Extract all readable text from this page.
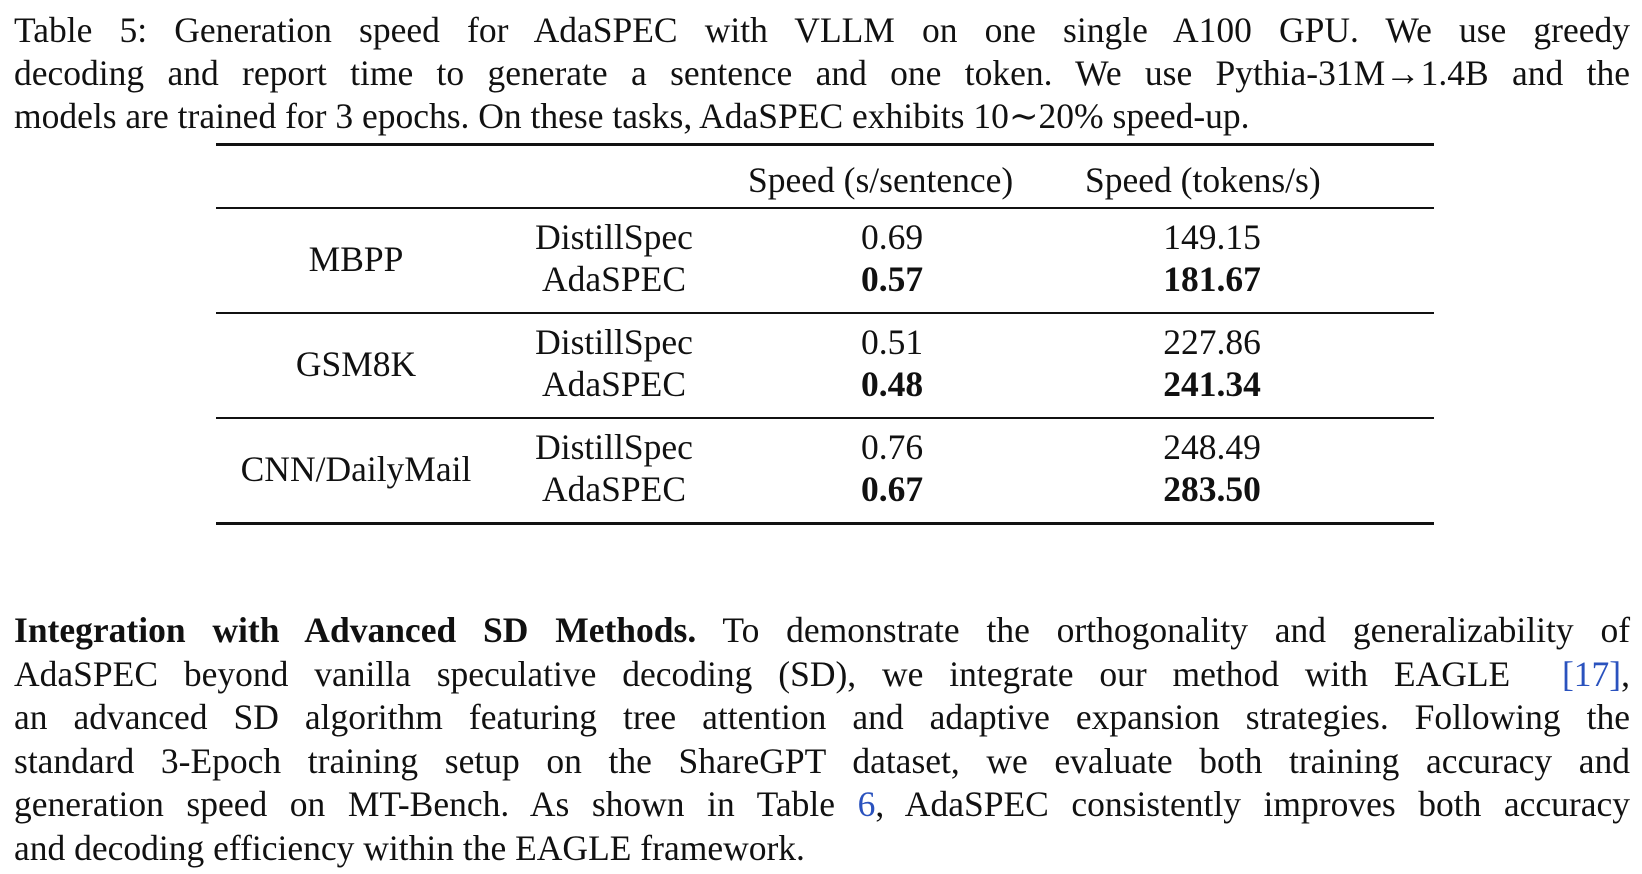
Table 5: Generation speed for AdaSPEC with VLLM on one single A100 GPU. We use greedy
decoding and report time to generate a sentence and one token. We use Pythia-31M→1.4B and the
models are trained for 3 epochs. On these tasks, AdaSPEC exhibits 10∼20% speed-up.
Speed (s/sentence) Speed (tokens/s)
MBPP
DistillSpec
AdaSPEC
0.69
0.57
149.15
181.67
GSM8K
DistillSpec
AdaSPEC
0.51
0.48
227.86
241.34
CNN/DailyMail
DistillSpec
AdaSPEC
0.76
0.67
248.49
283.50
Integration with Advanced SD Methods. To demonstrate the orthogonality and generalizability of
AdaSPEC beyond vanilla speculative decoding (SD), we integrate our method with EAGLE [17],
an advanced SD algorithm featuring tree attention and adaptive expansion strategies. Following the
standard 3-Epoch training setup on the ShareGPT dataset, we evaluate both training accuracy and
generation speed on MT-Bench. As shown in Table 6, AdaSPEC consistently improves both accuracy
and decoding efficiency within the EAGLE framework.
